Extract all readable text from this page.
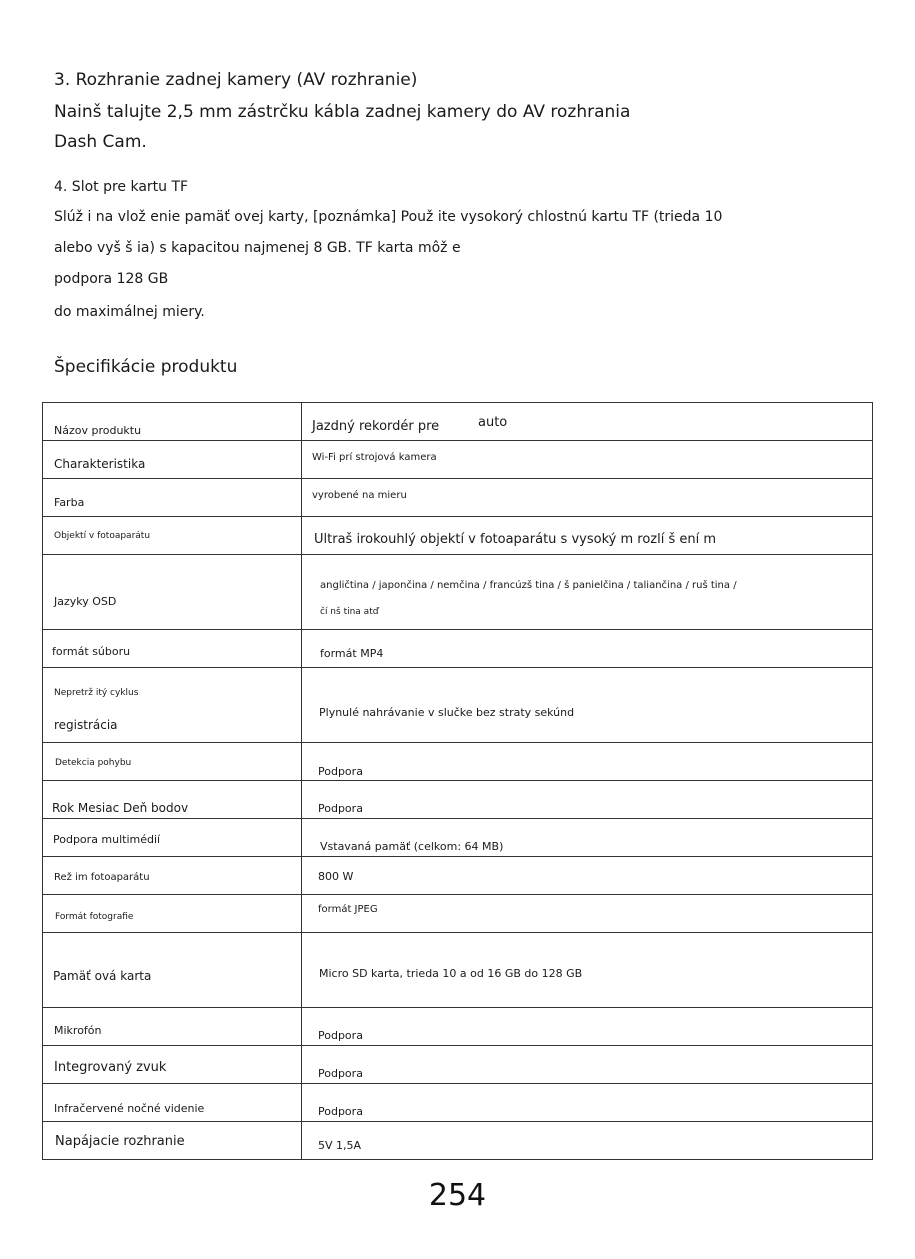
3. Rozhranie zadnej kamery (AV rozhranie)
Nainš talujte 2,5 mm zástrčku kábla zadnej kamery do AV rozhrania
Dash Cam.
4. Slot pre kartu TF
Slúž i na vlož enie pamäť ovej karty, [poznámka] Použ ite vysokorý chlostnú kartu TF (trieda 10
alebo vyš š ia) s kapacitou najmenej 8 GB. TF karta môž e
podpora 128 GB
do maximálnej miery.
Špecifikácie produktu
Názov produktu	Jazdný rekordér pre auto

Charakteristika	Wi-Fi prí strojová kamera

Farba	vyrobené na mieru

Objektí v fotoaparátu	Ultraš irokouhlý objektí v fotoaparátu s vysoký m rozlí š ení m

Jazyky OSD	angličtina / japončina / nemčina / francúzš tina / š panielčina / taliančina / ruš tina /
čí nš tina atď

formát súboru	formát MP4

Nepretrž itý cyklus
registrácia	Plynulé nahrávanie v slučke bez straty sekúnd

Detekcia pohybu	Podpora

Rok Mesiac Deň bodov	Podpora

Podpora multimédií	Vstavaná pamäť (celkom: 64 MB)

Rež im fotoaparátu	800 W

Formát fotografie	formát JPEG

Pamäť ová karta	Micro SD karta, trieda 10 a od 16 GB do 128 GB

Mikrofón	Podpora

Integrovaný zvuk	Podpora

Infračervené nočné videnie	Podpora

Napájacie rozhranie	5V 1,5A
254
